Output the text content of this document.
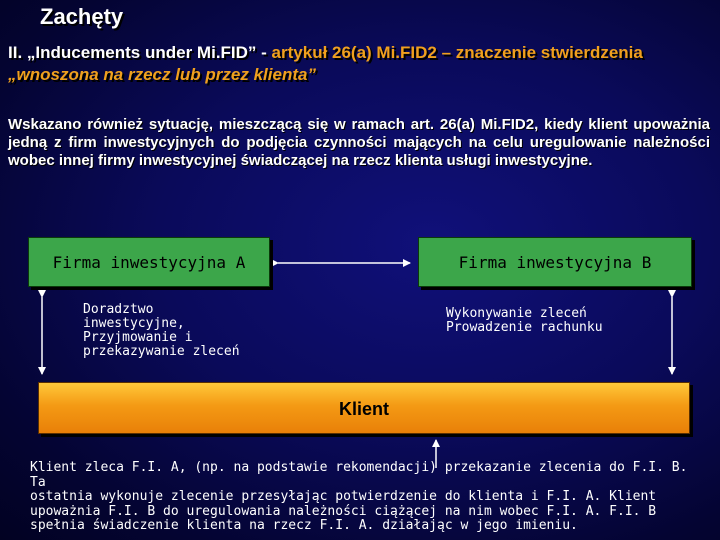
Zachęty
II. „Inducements under Mi.FID” - artykuł 26(a) Mi.FID2 – znaczenie stwierdzenia „wnoszona na rzecz lub przez klienta”
Wskazano również sytuację, mieszczącą się w ramach art. 26(a) Mi.FID2, kiedy klient upoważnia jedną z firm inwestycyjnych do podjęcia czynności mających na celu uregulowanie należności wobec innej firmy inwestycyjnej świadczącej na rzecz klienta usługi inwestycyjne.
Firma inwestycyjna A	Firma inwestycyjna B
Doradztwo
inwestycyjne,
Przyjmowanie i
przekazywanie zleceń
Wykonywanie zleceń
Prowadzenie rachunku
Klient
Klient zleca F.I. A, (np. na podstawie rekomendacji) przekazanie zlecenia do F.I. B. Ta
ostatnia wykonuje zlecenie przesyłając potwierdzenie do klienta i F.I. A. Klient
upoważnia F.I. B do uregulowania należności ciążącej na nim wobec F.I. A. F.I. B
spełnia świadczenie klienta na rzecz F.I. A. działając w jego imieniu.
